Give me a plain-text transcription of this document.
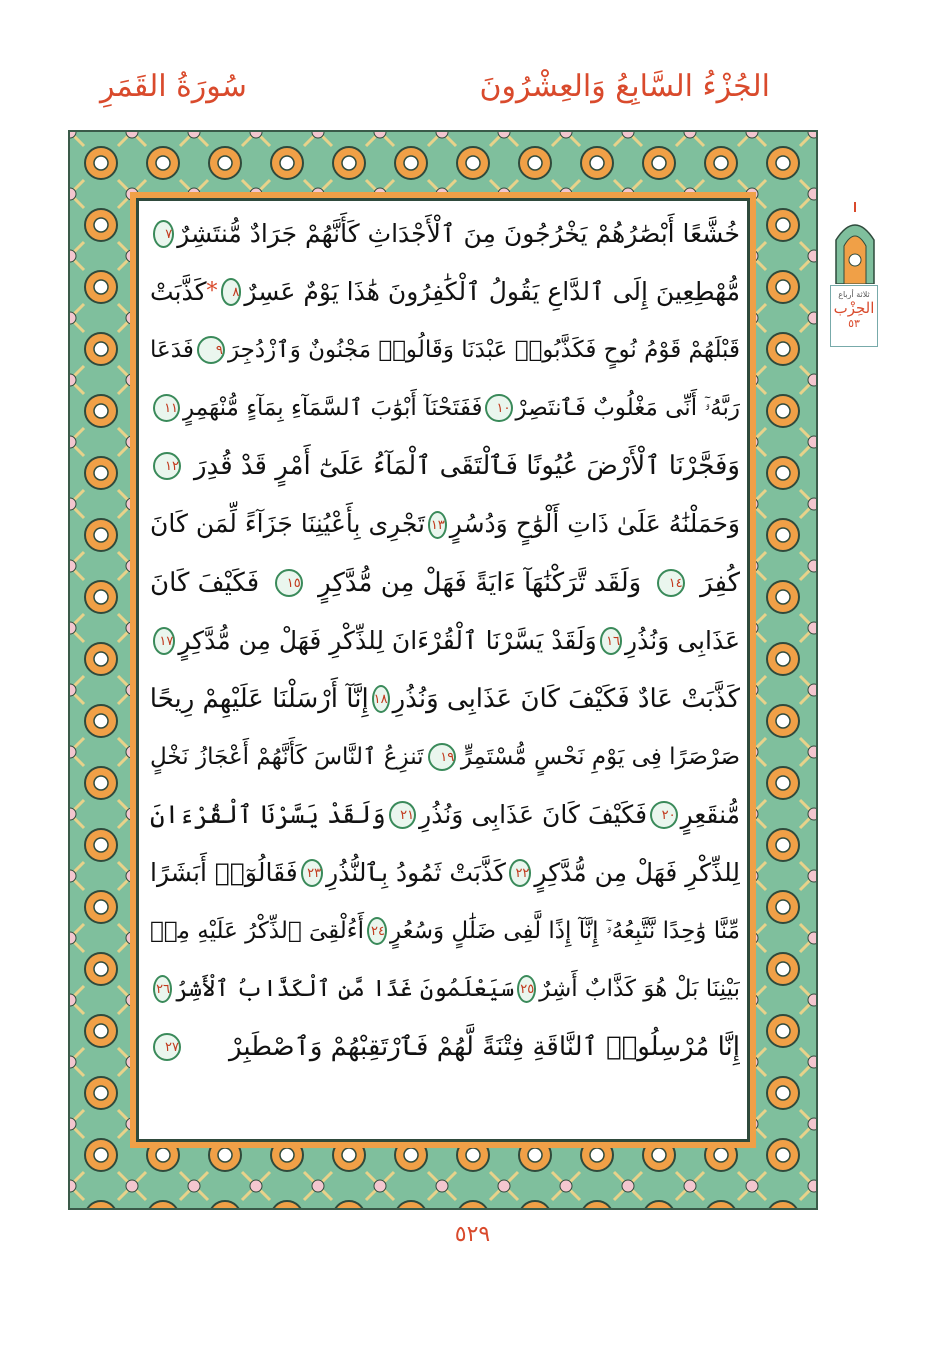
الجُزْءُ السَّابِعُ وَالعِشْرُونَ
سُورَةُ القَمَرِ
خُشَّعًا أَبْصَٰرُهُمْ يَخْرُجُونَ مِنَ ٱلْأَجْدَاثِ كَأَنَّهُمْ جَرَادٌ مُّنتَشِرٌ
٧
مُّهْطِعِينَ إِلَى ٱلدَّاعِ يَقُولُ ٱلْكَٰفِرُونَ هَٰذَا يَوْمٌ عَسِرٌ
٨
*
كَذَّبَتْ
قَبْلَهُمْ قَوْمُ نُوحٍ فَكَذَّبُوا۟ عَبْدَنَا وَقَالُوا۟ مَجْنُونٌ وَٱزْدُجِرَ
٩
فَدَعَا
رَبَّهُۥٓ أَنِّى مَغْلُوبٌ فَٱنتَصِرْ
١٠
فَفَتَحْنَآ أَبْوَٰبَ ٱلسَّمَآءِ بِمَآءٍ مُّنْهَمِرٍ
١١
وَفَجَّرْنَا ٱلْأَرْضَ عُيُونًا فَٱلْتَقَى ٱلْمَآءُ عَلَىٰٓ أَمْرٍ قَدْ قُدِرَ
١٢
وَحَمَلْنَٰهُ عَلَىٰ ذَاتِ أَلْوَٰحٍ وَدُسُرٍ
١٣
تَجْرِى بِأَعْيُنِنَا جَزَآءً لِّمَن كَانَ
كُفِرَ
١٤
وَلَقَد تَّرَكْنَٰهَآ ءَايَةً فَهَلْ مِن مُّدَّكِرٍ
١٥
فَكَيْفَ كَانَ
عَذَابِى وَنُذُرِ
١٦
وَلَقَدْ يَسَّرْنَا ٱلْقُرْءَانَ لِلذِّكْرِ فَهَلْ مِن مُّدَّكِرٍ
١٧
كَذَّبَتْ عَادٌ فَكَيْفَ كَانَ عَذَابِى وَنُذُرِ
١٨
إِنَّآ أَرْسَلْنَا عَلَيْهِمْ رِيحًا
صَرْصَرًا فِى يَوْمِ نَحْسٍ مُّسْتَمِرٍّ
١٩
تَنزِعُ ٱلنَّاسَ كَأَنَّهُمْ أَعْجَازُ نَخْلٍ
مُّنقَعِرٍ
٢٠
فَكَيْفَ كَانَ عَذَابِى وَنُذُرِ
٢١
وَلَقَدْ يَسَّرْنَا ٱلْقُرْءَانَ
لِلذِّكْرِ فَهَلْ مِن مُّدَّكِرٍ
٢٢
كَذَّبَتْ ثَمُودُ بِٱلنُّذُرِ
٢٣
فَقَالُوٓا۟ أَبَشَرًا
مِّنَّا وَٰحِدًا نَّتَّبِعُهُۥٓ إِنَّآ إِذًا لَّفِى ضَلَٰلٍ وَسُعُرٍ
٢٤
أَءُلْقِىَ ٱلذِّكْرُ عَلَيْهِ مِنۢ
بَيْنِنَا بَلْ هُوَ كَذَّابٌ أَشِرٌ
٢٥
سَيَعْلَمُونَ غَدًا مَّنِ ٱلْكَذَّابُ ٱلْأَشِرُ
٢٦
إِنَّا مُرْسِلُوا۟ ٱلنَّاقَةِ فِتْنَةً لَّهُمْ فَٱرْتَقِبْهُمْ وَٱصْطَبِرْ
٢٧
ثلاثة أرباع
الحِزْب
٥٣
٥٢٩
